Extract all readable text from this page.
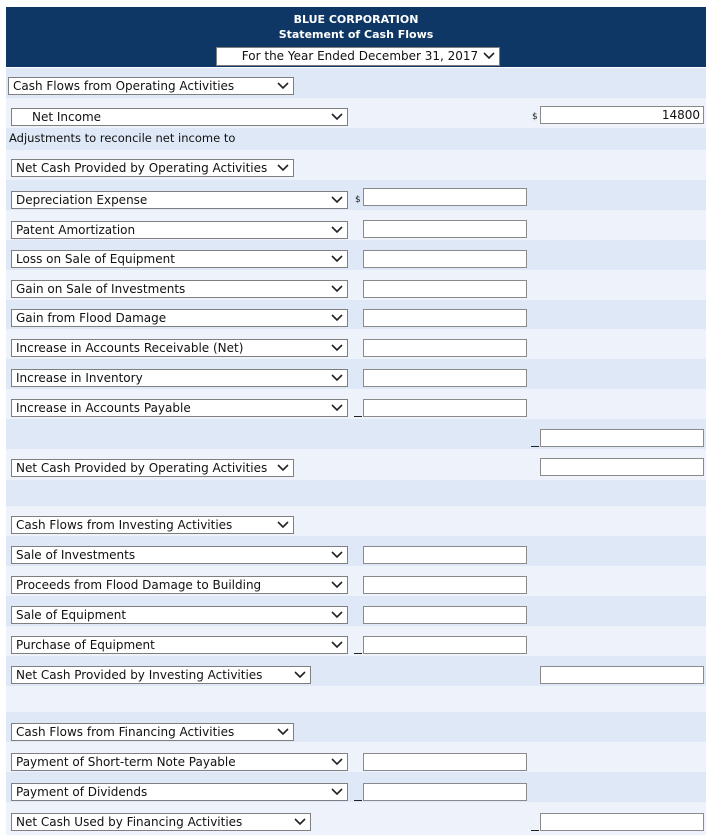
BLUE CORPORATION
Statement of Cash Flows
For the Year Ended December 31, 2017
Cash Flows from Operating Activities
Net Income	$	14800
Adjustments to reconcile net income to
Net Cash Provided by Operating Activities
Depreciation Expense	$
Patent Amortization
Loss on Sale of Equipment
Gain on Sale of Investments
Gain from Flood Damage
Increase in Accounts Receivable (Net)
Increase in Inventory
Increase in Accounts Payable
Net Cash Provided by Operating Activities
Cash Flows from Investing Activities
Sale of Investments
Proceeds from Flood Damage to Building
Sale of Equipment
Purchase of Equipment
Net Cash Provided by Investing Activities
Cash Flows from Financing Activities
Payment of Short-term Note Payable
Payment of Dividends
Net Cash Used by Financing Activities
